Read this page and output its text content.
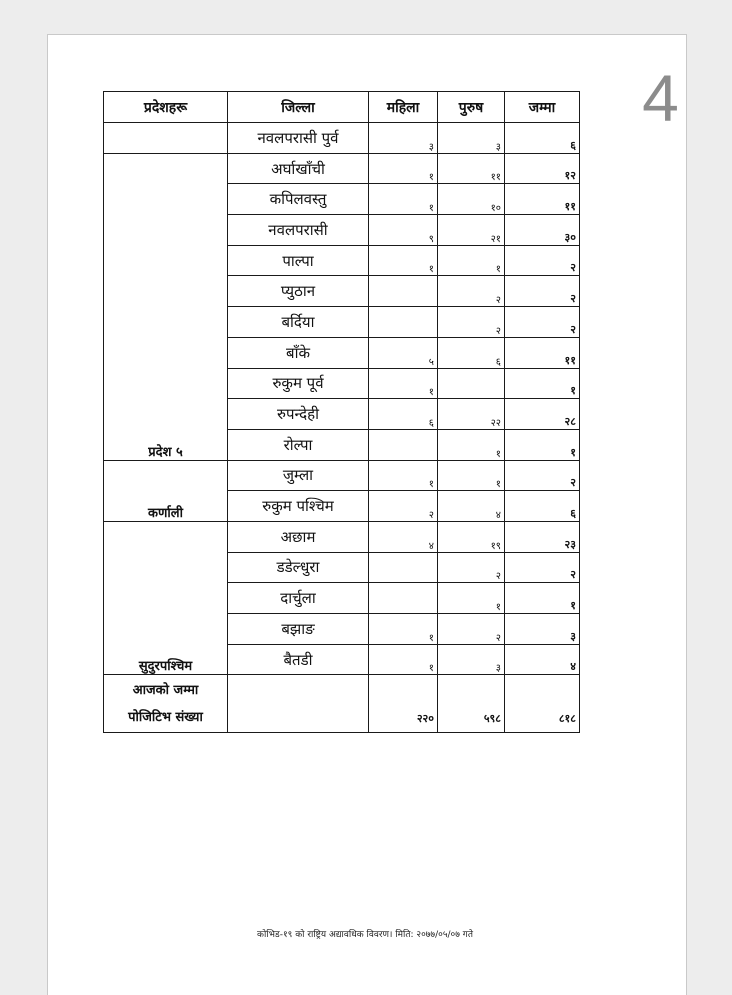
4
प्रदेशहरू	जिल्ला	महिला	पुरुष	जम्मा
	नवलपरासी पुर्व	३	३	६
प्रदेश ५	अर्घाखाँची	१	११	१२
	कपिलवस्तु	१	१०	११
	नवलपरासी	९	२१	३०
	पाल्पा	१	१	२
	प्युठान		२	२
	बर्दिया		२	२
	बाँके	५	६	११
	रुकुम पूर्व	१		१
	रुपन्देही	६	२२	२८
	रोल्पा		१	१
कर्णाली	जुम्ला	१	१	२
	रुकुम पश्चिम	२	४	६
सुदुरपश्चिम	अछाम	४	१९	२३
	डडेल्धुरा		२	२
	दार्चुला		१	१
	बझाङ	१	२	३
	बैतडी	१	३	४

आजको जम्मा
पोजिटिभ संख्या		२२०	५९८	८१८
कोभिड-१९ को राष्ट्रिय अद्यावधिक विवरण। मिति: २०७७/०५/०७ गते
